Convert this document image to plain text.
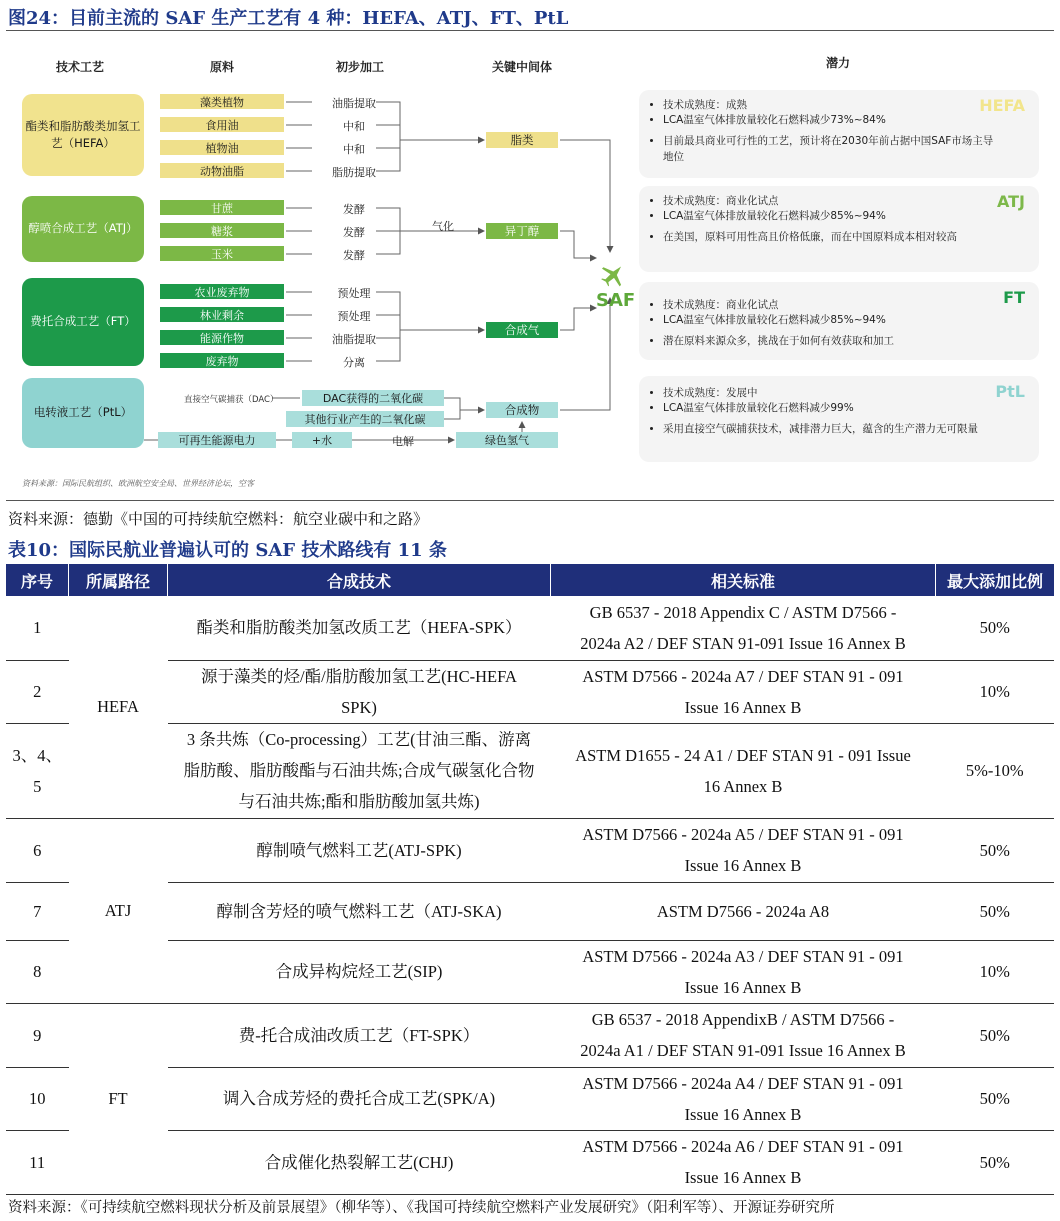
图24：目前主流的 SAF 生产工艺有 4 种：HEFA、ATJ、FT、PtL
技术工艺	原料	初步加工	关键中间体	潜力
酯类和脂肪酸类加氢工艺（HEFA）
藻类植物
食用油
植物油
动物油脂
油脂提取
中和
中和
脂肪提取
脂类
醇喷合成工艺（ATJ）
甘蔗
糖浆
玉米
发酵
发酵
发酵
气化	异丁醇
费托合成工艺（FT）
农业废弃物
林业剩余
能源作物
废弃物
预处理
预处理
油脂提取
分离
合成气
电转液工艺（PtL）
直接空气碳捕获（DAC）	DAC获得的二氧化碳
其他行业产生的二氧化碳
可再生能源电力	+水	电解	绿色氢气
合成物
SAF
HEFA
• 技术成熟度：成熟
• LCA温室气体排放量较化石燃料减少73%~84%
• 目前最具商业可行性的工艺，预计将在2030年前占据中国SAF市场主导地位
ATJ
• 技术成熟度：商业化试点
• LCA温室气体排放量较化石燃料减少85%~94%
• 在美国，原料可用性高且价格低廉，而在中国原料成本相对较高
FT
• 技术成熟度：商业化试点
• LCA温室气体排放量较化石燃料减少85%~94%
• 潜在原料来源众多，挑战在于如何有效获取和加工
PtL
• 技术成熟度：发展中
• LCA温室气体排放量较化石燃料减少99%
• 采用直接空气碳捕获技术，减排潜力巨大，蕴含的生产潜力无可限量
资料来源：国际民航组织、欧洲航空安全局、世界经济论坛，空客
资料来源：德勤《中国的可持续航空燃料：航空业碳中和之路》
表10：国际民航业普遍认可的 SAF 技术路线有 11 条
序号	所属路径	合成技术	相关标准	最大添加比例
1	HEFA	酯类和脂肪酸类加氢改质工艺（HEFA-SPK）	GB 6537 - 2018 Appendix C / ASTM D7566 -
2024a A2 / DEF STAN 91-091 Issue 16 Annex B	50%
2		源于藻类的烃/酯/脂肪酸加氢工艺(HC-HEFA
SPK)	ASTM D7566 - 2024a A7 / DEF STAN 91 - 091
Issue 16 Annex B	10%
3、4、5		3 条共炼（Co-processing）工艺(甘油三酯、游离
脂肪酸、脂肪酸酯与石油共炼;合成气碳氢化合物
与石油共炼;酯和脂肪酸加氢共炼)	ASTM D1655 - 24 A1 / DEF STAN 91 - 091 Issue
16 Annex B	5%-10%
6	ATJ	醇制喷气燃料工艺(ATJ-SPK)	ASTM D7566 - 2024a A5 / DEF STAN 91 - 091
Issue 16 Annex B	50%
7		醇制含芳烃的喷气燃料工艺（ATJ-SKA)	ASTM D7566 - 2024a A8	50%
8		合成异构烷烃工艺(SIP)	ASTM D7566 - 2024a A3 / DEF STAN 91 - 091
Issue 16 Annex B	10%
9	FT	费-托合成油改质工艺（FT-SPK）	GB 6537 - 2018 AppendixB / ASTM D7566 -
2024a A1 / DEF STAN 91-091 Issue 16 Annex B	50%
10		调入合成芳烃的费托合成工艺(SPK/A)	ASTM D7566 - 2024a A4 / DEF STAN 91 - 091
Issue 16 Annex B	50%
11		合成催化热裂解工艺(CHJ)	ASTM D7566 - 2024a A6 / DEF STAN 91 - 091
Issue 16 Annex B	50%
资料来源：《可持续航空燃料现状分析及前景展望》（柳华等）、《我国可持续航空燃料产业发展研究》（阳利军等）、开源证券研究所
